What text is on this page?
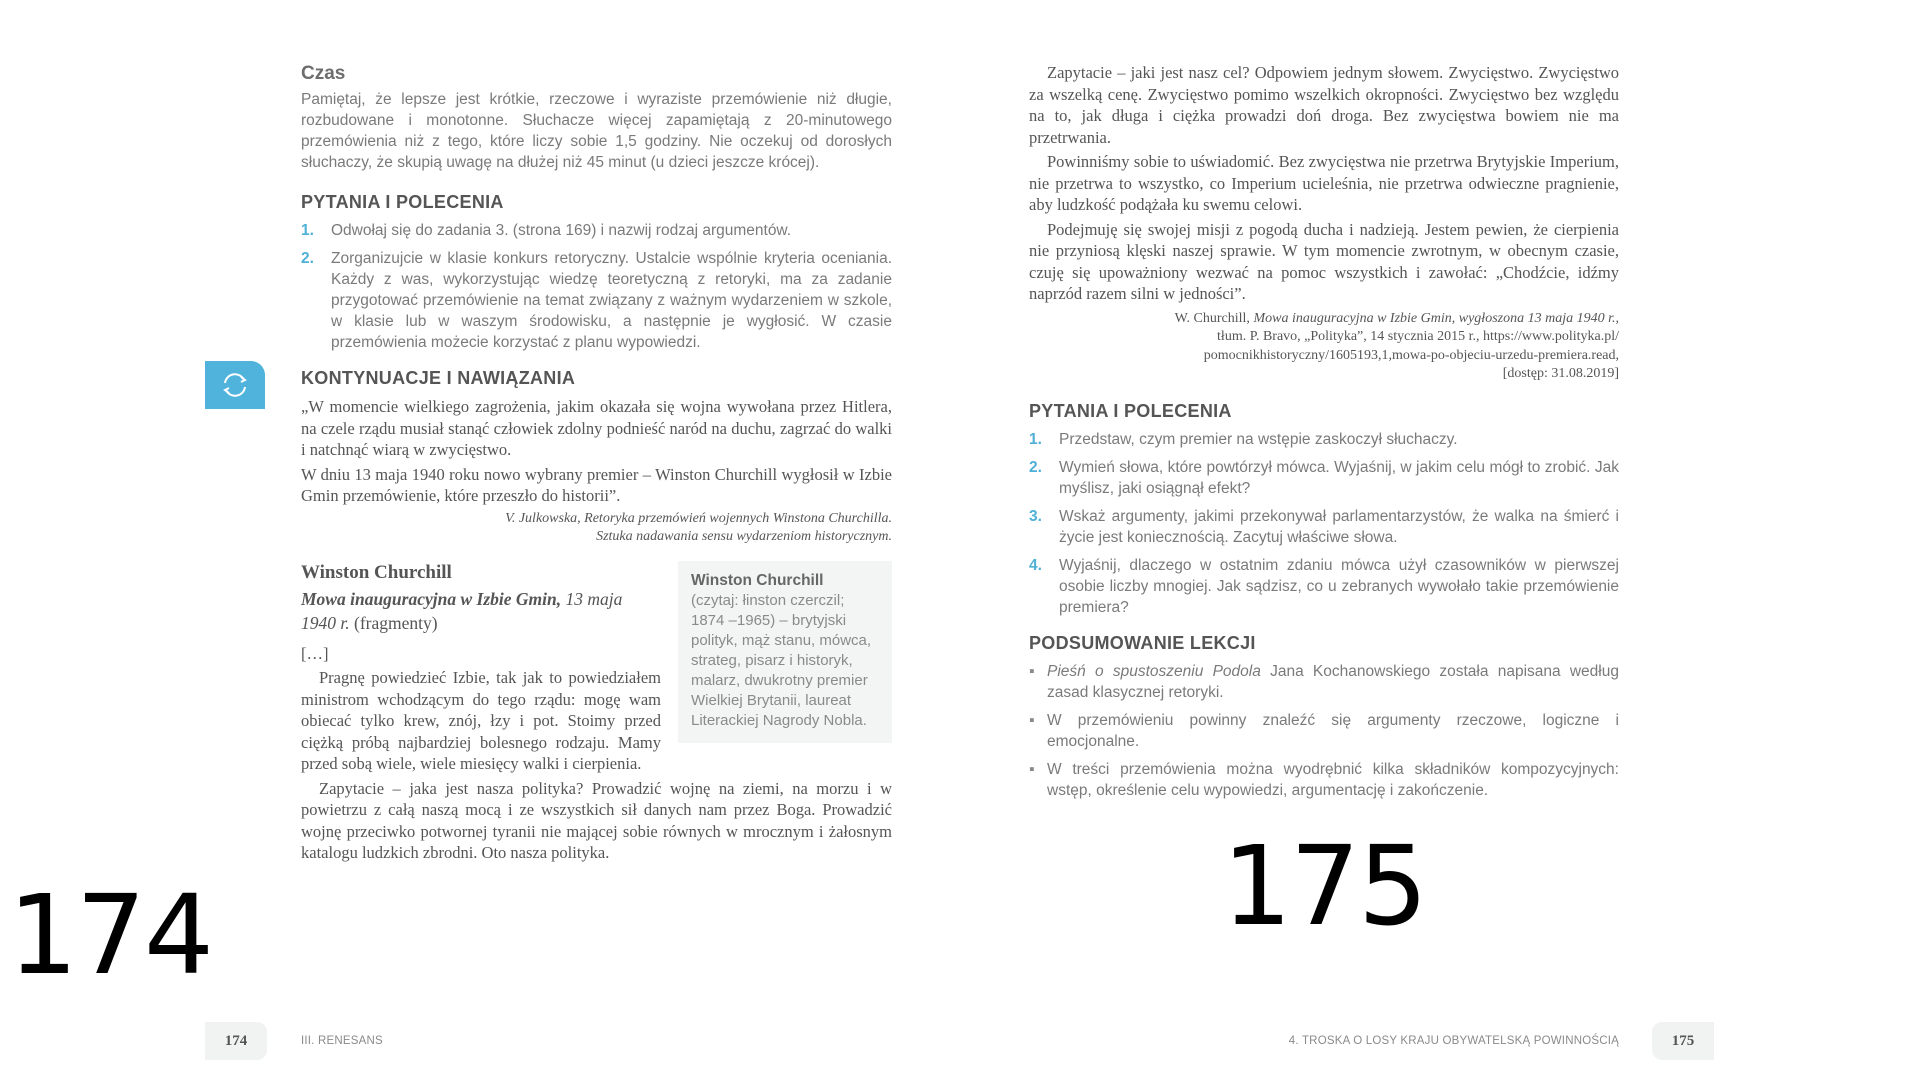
Czas

Pamiętaj, że lepsze jest krótkie, rzeczowe i wyraziste przemówienie niż długie, rozbudowane i monotonne. Słuchacze więcej zapamiętają z 20-minutowego przemówienia niż z tego, które liczy sobie 1,5 godziny. Nie oczekuj od dorosłych słuchaczy, że skupią uwagę na dłużej niż 45 minut (u dzieci jeszcze krócej).

PYTANIA I POLECENIA
1. Odwołaj się do zadania 3. (strona 169) i nazwij rodzaj argumentów.
2. Zorganizujcie w klasie konkurs retoryczny. Ustalcie wspólnie kryteria oceniania. Każdy z was, wykorzystując wiedzę teoretyczną z retoryki, ma za zadanie przygotować przemówienie na temat związany z ważnym wydarzeniem w szkole, w klasie lub w waszym środowisku, a następnie je wygłosić. W czasie przemówienia możecie korzystać z planu wypowiedzi.
KONTYNUACJE I NAWIĄZANIA

„W momencie wielkiego zagrożenia, jakim okazała się wojna wywołana przez Hitlera, na czele rządu musiał stanąć człowiek zdolny podnieść naród na duchu, zagrzać do walki i natchnąć wiarą w zwycięstwo.

W dniu 13 maja 1940 roku nowo wybrany premier – Winston Churchill wygłosił w Izbie Gmin przemówienie, które przeszło do historii”.

V. Julkowska, Retoryka przemówień wojennych Winstona Churchilla.
Sztuka nadawania sensu wydarzeniom historycznym.

Winston Churchill

Mowa inauguracyjna w Izbie Gmin, 13 maja 1940 r. (fragmenty)

[…]

Pragnę powiedzieć Izbie, tak jak to powiedziałem ministrom wchodzącym do tego rządu: mogę wam obiecać tylko krew, znój, łzy i pot. Stoimy przed ciężką próbą najbardziej bolesnego rodzaju. Mamy przed sobą wiele, wiele miesięcy walki i cierpienia.

Winston Churchill
(czytaj: łinston czerczil; 1874 –1965) – brytyjski polityk, mąż stanu, mówca, strateg, pisarz i historyk, malarz, dwukrotny premier Wielkiej Brytanii, laureat Literackiej Nagrody Nobla.

Zapytacie – jaka jest nasza polityka? Prowadzić wojnę na ziemi, na morzu i w powietrzu z całą naszą mocą i ze wszystkich sił danych nam przez Boga. Prowadzić wojnę przeciwko potwornej tyranii nie mającej sobie równych w mrocznym i żałosnym katalogu ludzkich zbrodni. Oto nasza polityka.

174	III. RENESANS

Zapytacie – jaki jest nasz cel? Odpowiem jednym słowem. Zwycięstwo. Zwycięstwo za wszelką cenę. Zwycięstwo pomimo wszelkich okropności. Zwycięstwo bez względu na to, jak długa i ciężka prowadzi doń droga. Bez zwycięstwa bowiem nie ma przetrwania.

Powinniśmy sobie to uświadomić. Bez zwycięstwa nie przetrwa Brytyjskie Imperium, nie przetrwa to wszystko, co Imperium ucieleśnia, nie przetrwa odwieczne pragnienie, aby ludzkość podążała ku swemu celowi.

Podejmuję się swojej misji z pogodą ducha i nadzieją. Jestem pewien, że cierpienia nie przyniosą klęski naszej sprawie. W tym momencie zwrotnym, w obecnym czasie, czuję się upoważniony wezwać na pomoc wszystkich i zawołać: „Chodźcie, idźmy naprzód razem silni w jedności”.

W. Churchill, Mowa inauguracyjna w Izbie Gmin, wygłoszona 13 maja 1940 r.,
tłum. P. Bravo, „Polityka”, 14 stycznia 2015 r., https://www.polityka.pl/
pomocnikhistoryczny/1605193,1,mowa-po-objeciu-urzedu-premiera.read,
[dostęp: 31.08.2019]

PYTANIA I POLECENIA
1. Przedstaw, czym premier na wstępie zaskoczył słuchaczy.
2. Wymień słowa, które powtórzył mówca. Wyjaśnij, w jakim celu mógł to zrobić. Jak myślisz, jaki osiągnął efekt?
3. Wskaż argumenty, jakimi przekonywał parlamentarzystów, że walka na śmierć i życie jest koniecznością. Zacytuj właściwe słowa.
4. Wyjaśnij, dlaczego w ostatnim zdaniu mówca użył czasowników w pierwszej osobie liczby mnogiej. Jak sądzisz, co u zebranych wywołało takie przemówienie premiera?
PODSUMOWANIE LEKCJI
▪ Pieśń o spustoszeniu Podola Jana Kochanowskiego została napisana według zasad klasycznej retoryki.
▪ W przemówieniu powinny znaleźć się argumenty rzeczowe, logiczne i emocjonalne.
▪ W treści przemówienia można wyodrębnić kilka składników kompozycyjnych: wstęp, określenie celu wypowiedzi, argumentację i zakończenie.
175
174
4. TROSKA O LOSY KRAJU OBYWATELSKĄ POWINNOŚCIĄ	175
